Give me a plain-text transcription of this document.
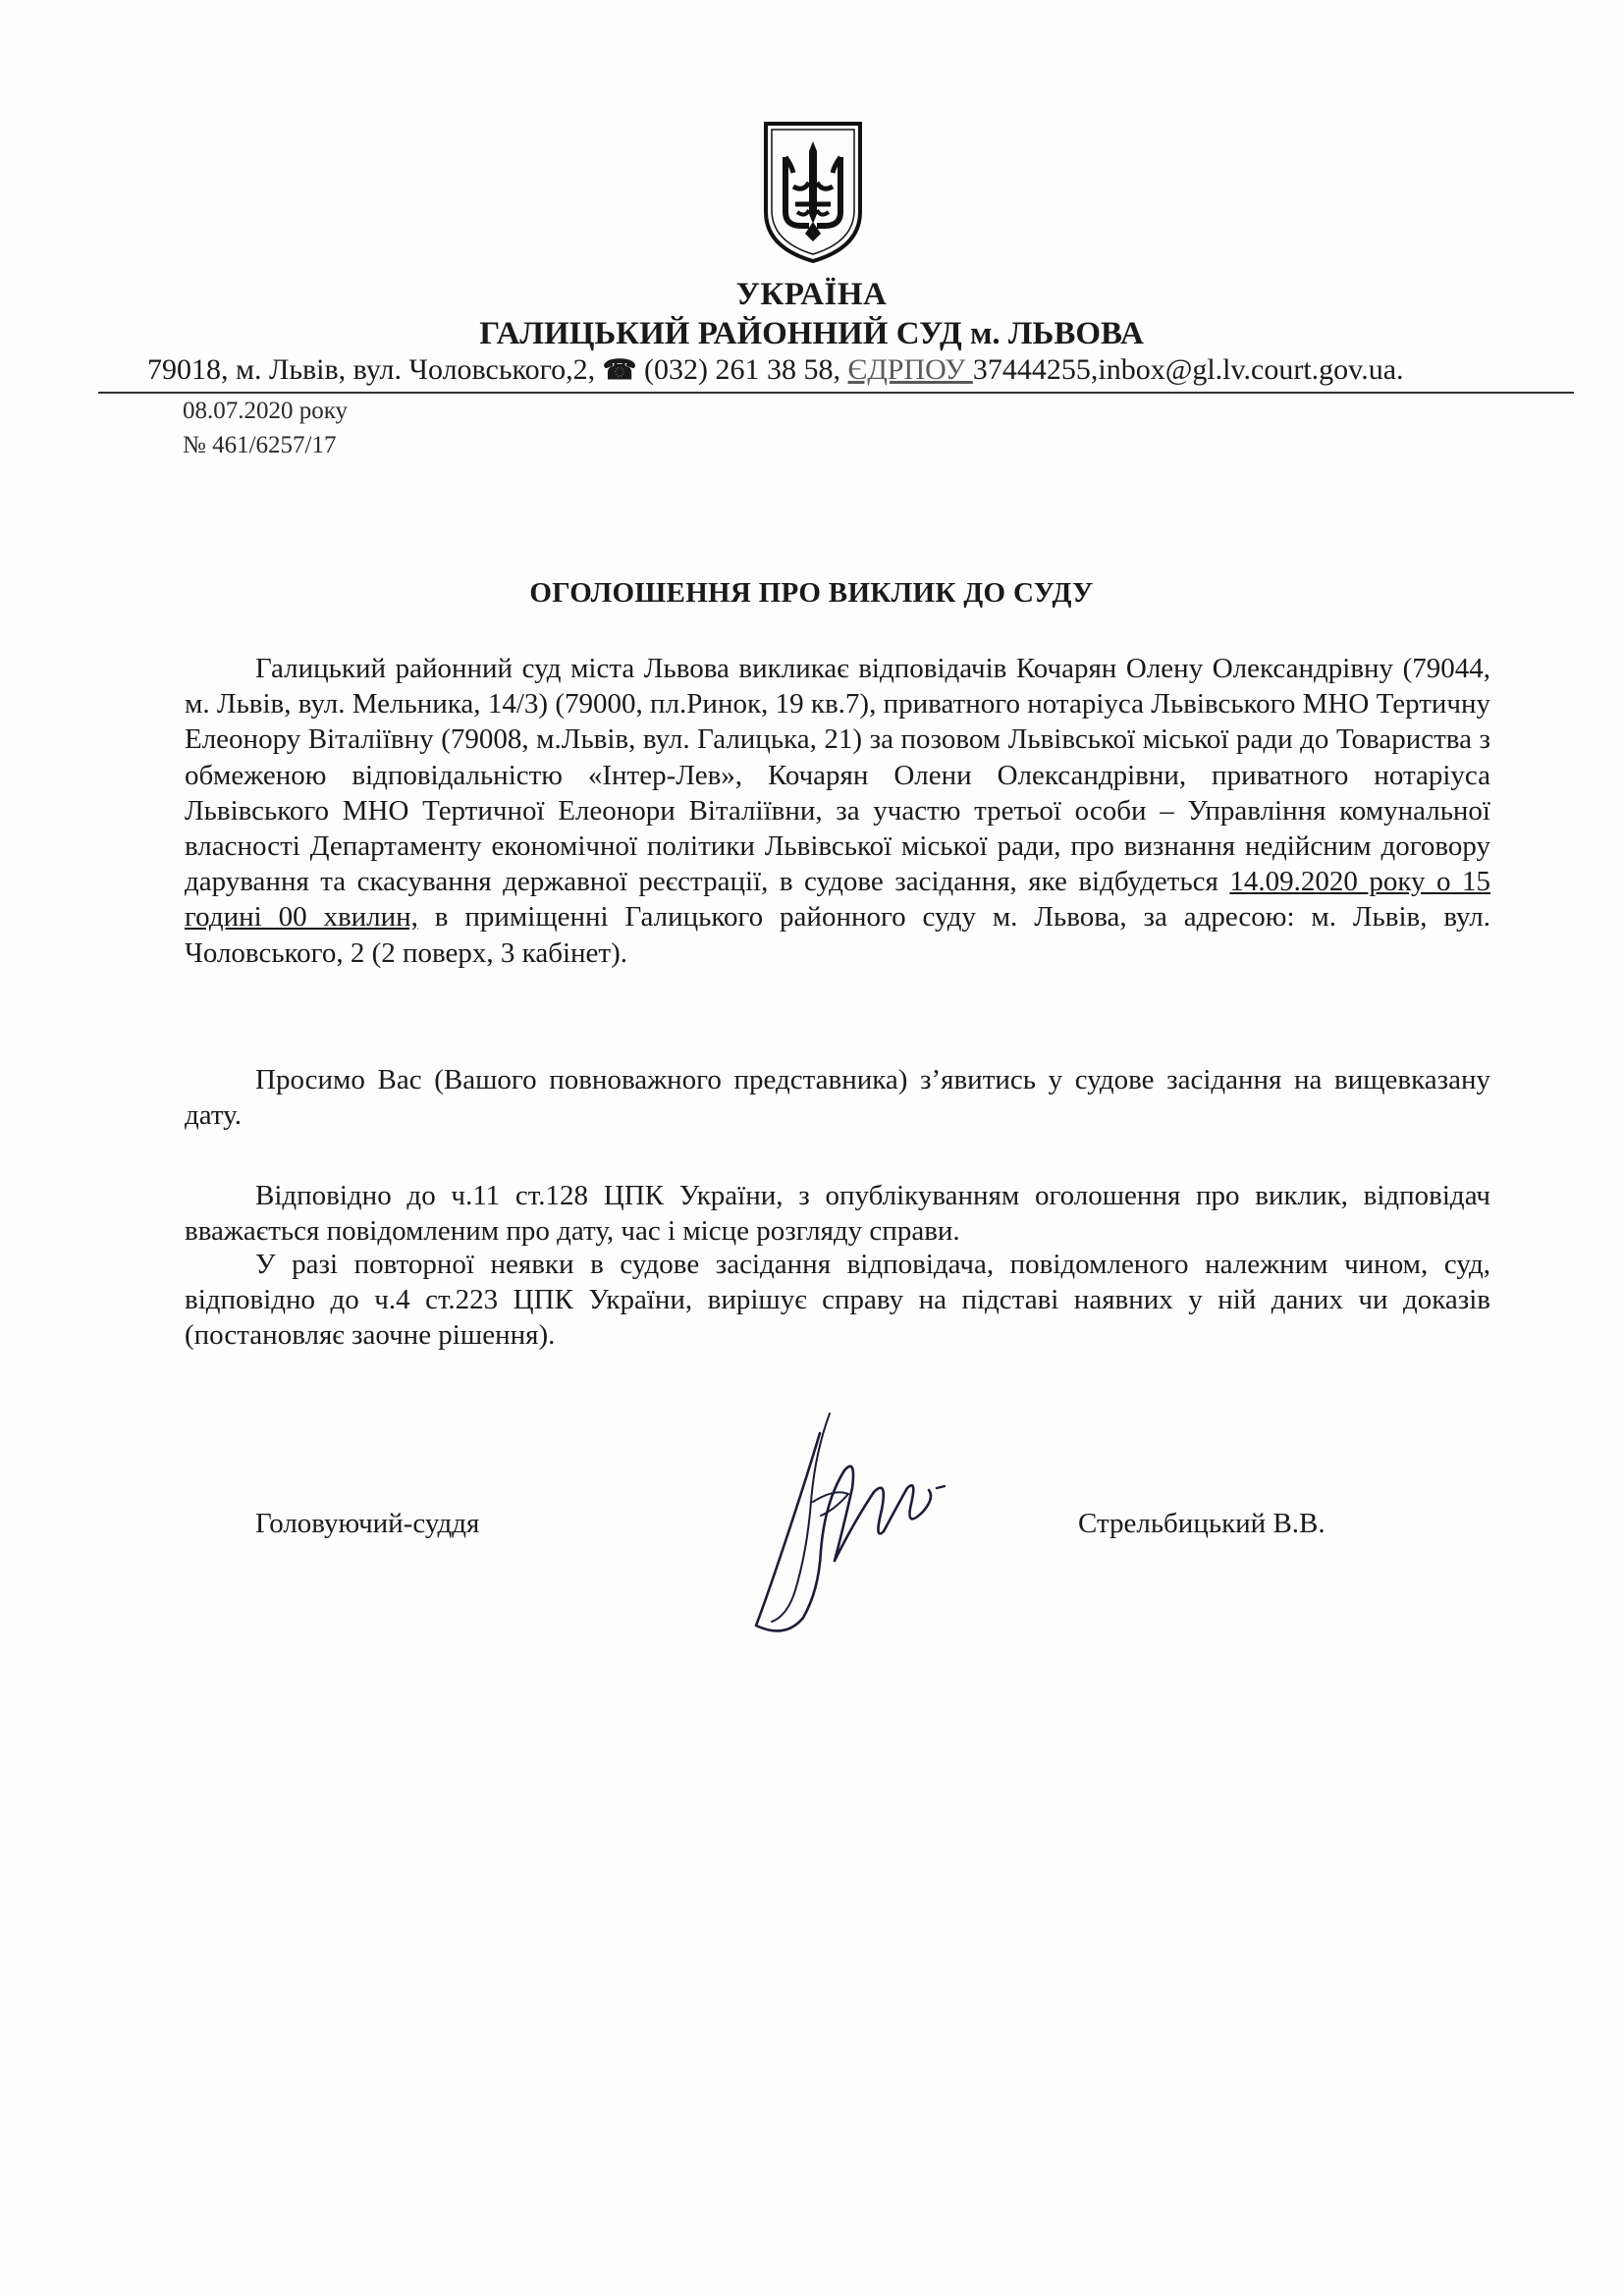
УКРАЇНА
ГАЛИЦЬКИЙ РАЙОННИЙ СУД м. ЛЬВОВА
79018, м. Львів, вул. Чоловського,2, ☎ (032) 261 38 58, ЄДРПОУ 37444255,inbox@gl.lv.court.gov.ua.
08.07.2020 року
№ 461/6257/17
ОГОЛОШЕННЯ ПРО ВИКЛИК ДО СУДУ
Галицький районний суд міста Львова викликає відповідачів Кочарян Олену Олександрівну (79044, м. Львів, вул. Мельника, 14/3) (79000, пл.Ринок, 19 кв.7), приватного нотаріуса Львівського МНО Тертичну Елеонору Віталіївну (79008, м.Львів, вул. Галицька, 21) за позовом Львівської міської ради до Товариства з обмеженою відповідальністю «Інтер-Лев», Кочарян Олени Олександрівни, приватного нотаріуса Львівського МНО Тертичної Елеонори Віталіївни, за участю третьої особи – Управління комунальної власності Департаменту економічної політики Львівської міської ради, про визнання недійсним договору дарування та скасування державної реєстрації, в судове засідання, яке відбудеться 14.09.2020 року о 15 годині 00 хвилин, в приміщенні Галицького районного суду м. Львова, за адресою: м. Львів, вул. Чоловського, 2 (2 поверх, 3 кабінет).
Просимо Вас (Вашого повноважного представника) з’явитись у судове засідання на вищевказану дату.
Відповідно до ч.11 ст.128 ЦПК України, з опублікуванням оголошення про виклик, відповідач вважається повідомленим про дату, час і місце розгляду справи.
У разі повторної неявки в судове засідання відповідача, повідомленого належним чином, суд, відповідно до ч.4 ст.223 ЦПК України, вирішує справу на підставі наявних у ній даних чи доказів (постановляє заочне рішення).
Головуючий-суддя	Стрельбицький В.В.
